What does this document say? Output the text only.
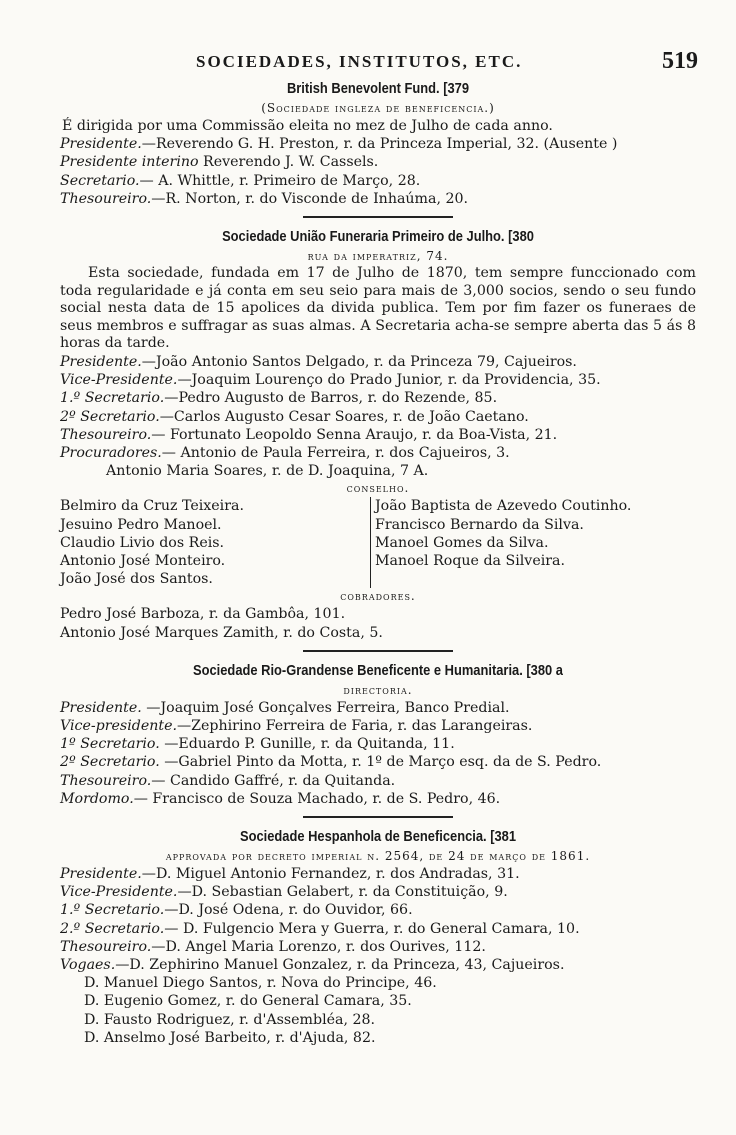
SOCIEDADES, INSTITUTOS, ETC.	519
British Benevolent Fund. [379
(Sociedade ingleza de beneficencia.)
É dirigida por uma Commissão eleita no mez de Julho de cada anno.
Presidente.—Reverendo G. H. Preston, r. da Princeza Imperial, 32. (Ausente )
Presidente interino Reverendo J. W. Cassels.
Secretario.— A. Whittle, r. Primeiro de Março, 28.
Thesoureiro.—R. Norton, r. do Visconde de Inhaúma, 20.
Sociedade União Funeraria Primeiro de Julho. [380
rua da imperatriz, 74.
Esta sociedade, fundada em 17 de Julho de 1870, tem sempre funccionado com toda regularidade e já conta em seu seio para mais de 3,000 socios, sendo o seu fundo social nesta data de 15 apolices da divida publica. Tem por fim fazer os funeraes de seus membros e suffragar as suas almas. A Secretaria acha-se sempre aberta das 5 ás 8 horas da tarde.
Presidente.—João Antonio Santos Delgado, r. da Princeza 79, Cajueiros.
Vice-Presidente.—Joaquim Lourenço do Prado Junior, r. da Providencia, 35.
1.º Secretario.—Pedro Augusto de Barros, r. do Rezende, 85.
2º Secretario.—Carlos Augusto Cesar Soares, r. de João Caetano.
Thesoureiro.— Fortunato Leopoldo Senna Araujo, r. da Boa-Vista, 21.
Procuradores.— Antonio de Paula Ferreira, r. dos Cajueiros, 3.
Antonio Maria Soares, r. de D. Joaquina, 7 A.
conselho.
Belmiro da Cruz Teixeira.
Jesuino Pedro Manoel.
Claudio Livio dos Reis.
Antonio José Monteiro.
João José dos Santos.
João Baptista de Azevedo Coutinho.
Francisco Bernardo da Silva.
Manoel Gomes da Silva.
Manoel Roque da Silveira.
cobradores.
Pedro José Barboza, r. da Gambôa, 101.
Antonio José Marques Zamith, r. do Costa, 5.
Sociedade Rio-Grandense Beneficente e Humanitaria. [380 a
directoria.
Presidente. —Joaquim José Gonçalves Ferreira, Banco Predial.
Vice-presidente.—Zephirino Ferreira de Faria, r. das Larangeiras.
1º Secretario. —Eduardo P. Gunille, r. da Quitanda, 11.
2º Secretario. —Gabriel Pinto da Motta, r. 1º de Março esq. da de S. Pedro.
Thesoureiro.— Candido Gaffré, r. da Quitanda.
Mordomo.— Francisco de Souza Machado, r. de S. Pedro, 46.
Sociedade Hespanhola de Beneficencia. [381
approvada por decreto imperial n. 2564, de 24 de março de 1861.
Presidente.—D. Miguel Antonio Fernandez, r. dos Andradas, 31.
Vice-Presidente.—D. Sebastian Gelabert, r. da Constituição, 9.
1.º Secretario.—D. José Odena, r. do Ouvidor, 66.
2.º Secretario.— D. Fulgencio Mera y Guerra, r. do General Camara, 10.
Thesoureiro.—D. Angel Maria Lorenzo, r. dos Ourives, 112.
Vogaes.—D. Zephirino Manuel Gonzalez, r. da Princeza, 43, Cajueiros.
D. Manuel Diego Santos, r. Nova do Principe, 46.
D. Eugenio Gomez, r. do General Camara, 35.
D. Fausto Rodriguez, r. d'Assembléa, 28.
D. Anselmo José Barbeito, r. d'Ajuda, 82.
